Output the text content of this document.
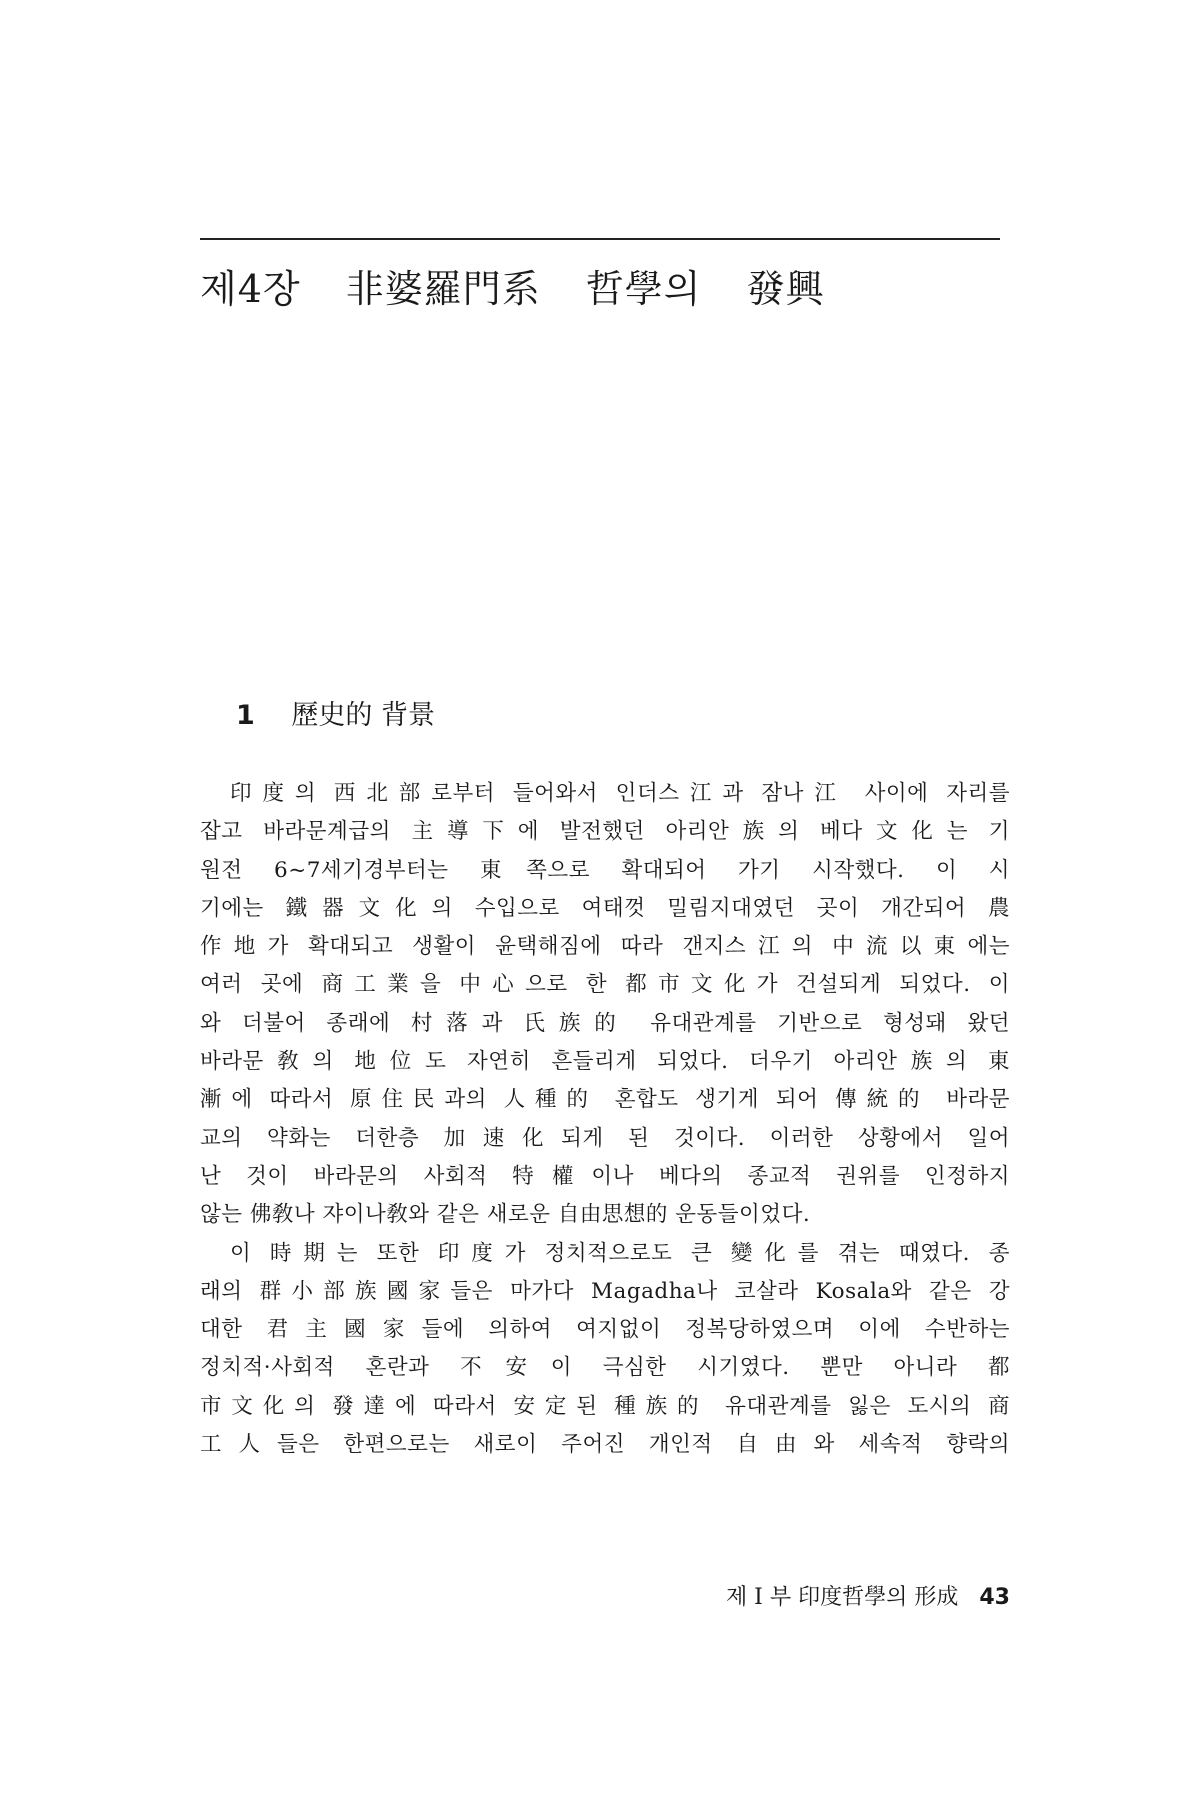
제4장 非婆羅門系 哲學의 發興
1 歷史的 背景
印度의 西北部로부터 들어와서 인더스江과 잠나江 사이에 자리를
잡고 바라문계급의 主導下에 발전했던 아리안族의 베다文化는 기
원전 6~7세기경부터는 東쪽으로 확대되어 가기 시작했다. 이 시
기에는 鐵器文化의 수입으로 여태껏 밀림지대였던 곳이 개간되어 農
作地가 확대되고 생활이 윤택해짐에 따라 갠지스江의 中流以東에는
여러 곳에 商工業을 中心으로 한 都市文化가 건설되게 되었다. 이
와 더불어 종래에 村落과 氏族的 유대관계를 기반으로 형성돼 왔던
바라문敎의 地位도 자연히 흔들리게 되었다. 더우기 아리안族의 東
漸에 따라서 原住民과의 人種的 혼합도 생기게 되어 傳統的 바라문
교의 약화는 더한층 加速化되게 된 것이다. 이러한 상황에서 일어
난 것이 바라문의 사회적 特權이나 베다의 종교적 권위를 인정하지
않는 佛敎나 쟈이나敎와 같은 새로운 自由思想的 운동들이었다.
이 時期는 또한 印度가 정치적으로도 큰 變化를 겪는 때였다. 종
래의 群小部族國家들은 마가다 Magadha나 코살라 Kosala와 같은 강
대한 君主國家들에 의하여 여지없이 정복당하였으며 이에 수반하는
정치적·사회적 혼란과 不安이 극심한 시기였다. 뿐만 아니라 都
市文化의 發達에 따라서 安定된 種族的 유대관계를 잃은 도시의 商
工人들은 한편으로는 새로이 주어진 개인적 自由와 세속적 향락의
제 I 부 印度哲學의 形成 43
